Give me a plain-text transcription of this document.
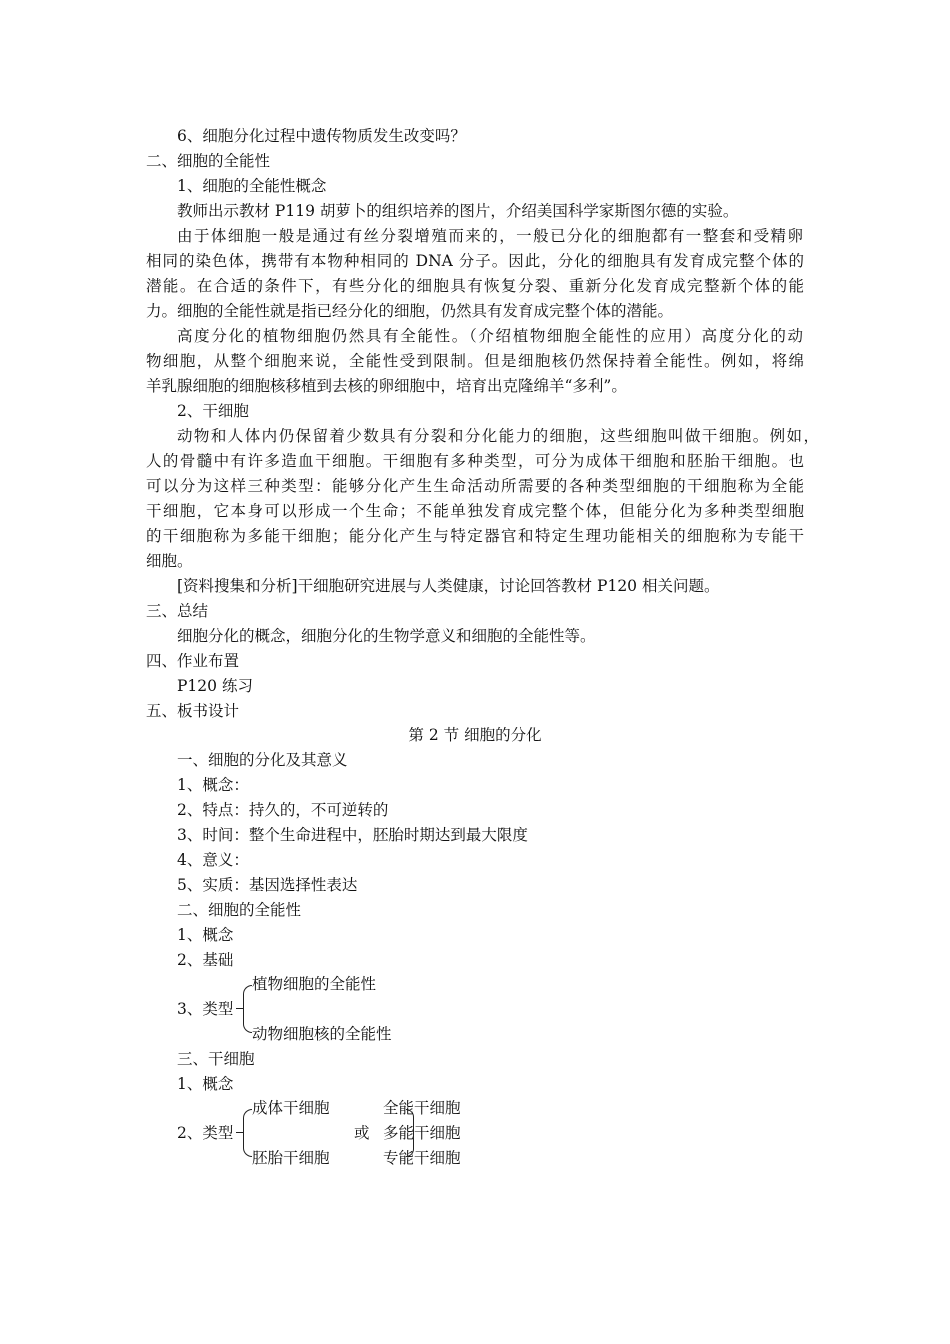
6、细胞分化过程中遗传物质发生改变吗？
二、细胞的全能性
1、细胞的全能性概念
教师出示教材 P119 胡萝卜的组织培养的图片，介绍美国科学家斯图尔德的实验。
由于体细胞一般是通过有丝分裂增殖而来的，一般已分化的细胞都有一整套和受精卵
相同的染色体，携带有本物种相同的 DNA 分子。因此，分化的细胞具有发育成完整个体的
潜能。在合适的条件下，有些分化的细胞具有恢复分裂、重新分化发育成完整新个体的能
力。细胞的全能性就是指已经分化的细胞，仍然具有发育成完整个体的潜能。
高度分化的植物细胞仍然具有全能性。（介绍植物细胞全能性的应用）高度分化的动
物细胞，从整个细胞来说，全能性受到限制。但是细胞核仍然保持着全能性。例如，将绵
羊乳腺细胞的细胞核移植到去核的卵细胞中，培育出克隆绵羊“多利”。
2、干细胞
动物和人体内仍保留着少数具有分裂和分化能力的细胞，这些细胞叫做干细胞。例如，
人的骨髓中有许多造血干细胞。干细胞有多种类型，可分为成体干细胞和胚胎干细胞。也
可以分为这样三种类型：能够分化产生生命活动所需要的各种类型细胞的干细胞称为全能
干细胞，它本身可以形成一个生命；不能单独发育成完整个体，但能分化为多种类型细胞
的干细胞称为多能干细胞；能分化产生与特定器官和特定生理功能相关的细胞称为专能干
细胞。
[资料搜集和分析]干细胞研究进展与人类健康，讨论回答教材 P120 相关问题。
三、总结
细胞分化的概念，细胞分化的生物学意义和细胞的全能性等。
四、作业布置
P120 练习
五、板书设计
第 2 节 细胞的分化
一、细胞的分化及其意义
1、概念：
2、特点：持久的，不可逆转的
3、时间：整个生命进程中，胚胎时期达到最大限度
4、意义：
5、实质：基因选择性表达
二、细胞的全能性
1、概念
2、基础
3、类型
植物细胞的全能性
动物细胞核的全能性
三、干细胞
1、概念
2、类型
成体干细胞
胚胎干细胞
或
全能干细胞
多能干细胞
专能干细胞
